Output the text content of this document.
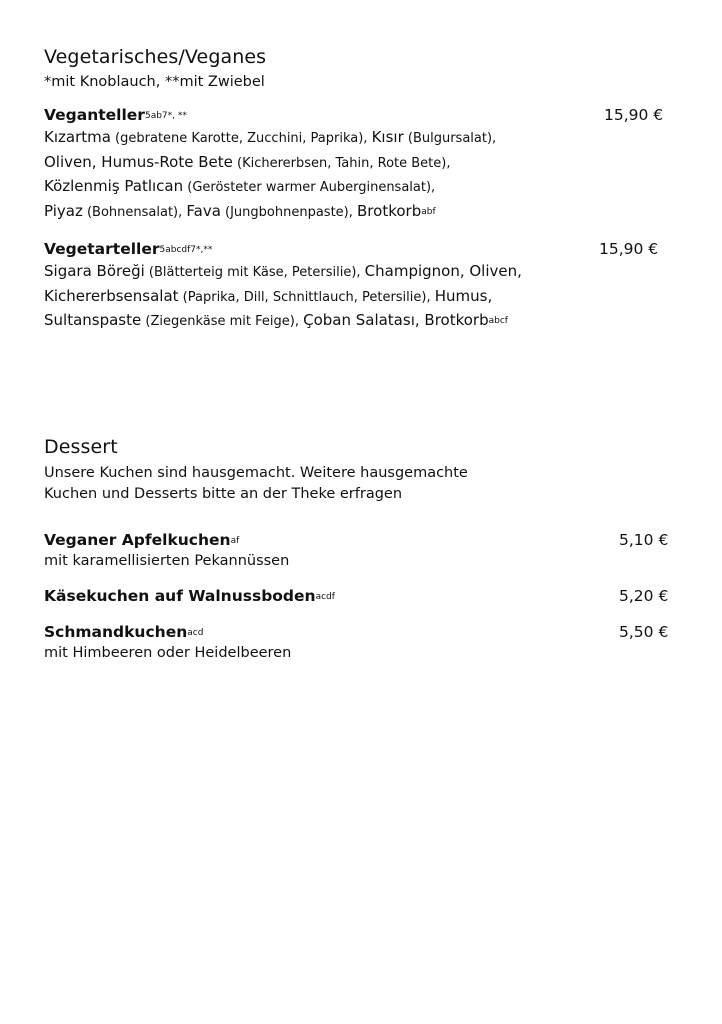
Vegetarisches/Veganes

*mit Knoblauch, **mit Zwiebel

Veganteller$^{5ab7*, **}$	15,90 €

Kızartma (gebratene Karotte, Zucchini, Paprika), Kısır (Bulgursalat),

Oliven, Humus-Rote Bete (Kichererbsen, Tahin, Rote Bete),

Közlenmiş Patlıcan (Gerösteter warmer Auberginensalat),

Piyaz (Bohnensalat), Fava (Jungbohnenpaste), Brotkorb$^{abf}$

Vegetarteller$^{5abcdf7*,**}$	15,90 €

Sigara Böreği (Blätterteig mit Käse, Petersilie), Champignon, Oliven,

Kichererbsensalat (Paprika, Dill, Schnittlauch, Petersilie), Humus,

Sultanspaste (Ziegenkäse mit Feige), Çoban Salatası, Brotkorb$^{abcf}$

Dessert

Unsere Kuchen sind hausgemacht. Weitere hausgemachte
Kuchen und Desserts bitte an der Theke erfragen

Veganer Apfelkuchen$^{af}$	5,10 €

mit karamellisierten Pekannüssen

Käsekuchen auf Walnussboden$^{acdf}$	5,20 €
Schmandkuchen$^{acd}$	5,50 €

mit Himbeeren oder Heidelbeeren
